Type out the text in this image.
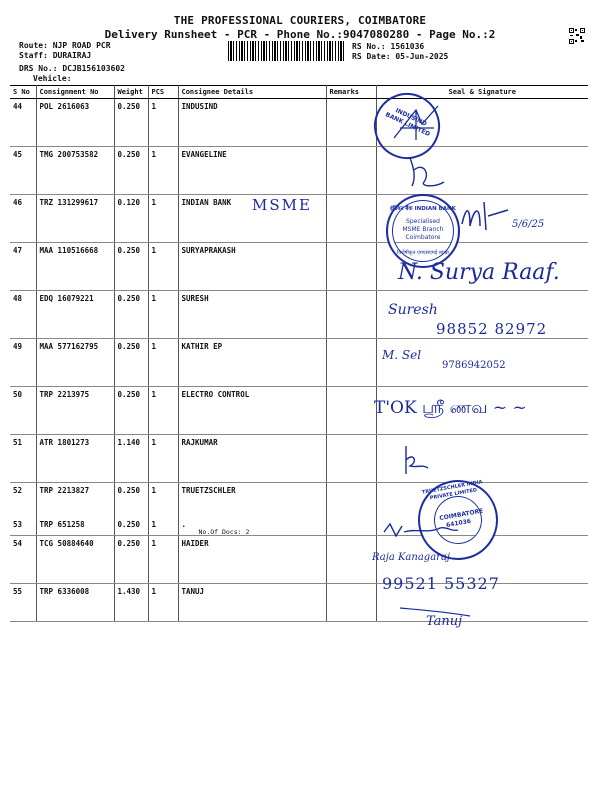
THE PROFESSIONAL COURIERS, COIMBATORE
Delivery Runsheet - PCR - Phone No.:9047080280 - Page No.:2
Route: NJP ROAD PCR
Staff: DURAIRAJ
DRS No.: DCJB156103602
Vehicle:
RS No.: 1561036
RS Date: 05-Jun-2025
S No	Consignment No	Weight	PCS	Consignee Details	Remarks	Seal & Signature
44	POL 2616063	0.250	1	INDUSIND		
45	TMG 200753582	0.250	1	EVANGELINE		
46	TRZ 131299617	0.120	1	INDIAN BANK		
47	MAA 110516668	0.250	1	SURYAPRAKASH		
48	EDQ 16079221	0.250	1	SURESH		
49	MAA 577162795	0.250	1	KATHIR EP		
50	TRP 2213975	0.250	1	ELECTRO CONTROL		
51	ATR 1801273	1.140	1	RAJKUMAR		
52	TRP 2213827	0.250	1	TRUETZSCHLER		
53	TRP 651258	0.250	1	.
No.Of Docs: 2		

54	TCG 50884640	0.250	1	HAIDER		
55	TRP 6336008	1.430	1	TANUJ		
INDUSIND BANK LIMITED
MSME	इंडियन बैंक INDIAN BANK
Specialised MSME Branch Coimbatore
विशेषीकृत एमएसएमई शाखा
5/6/25
N. Surya Raaf.
Suresh
98852 82972
M. Sel
9786942052
T'OK ஸ்ரீ ணவ ~ ~
TRUETZSCHLER INDIA PRIVATE LIMITED
COIMBATORE 641036
Raja Kanagaraj
99521 55327
Tanuj
